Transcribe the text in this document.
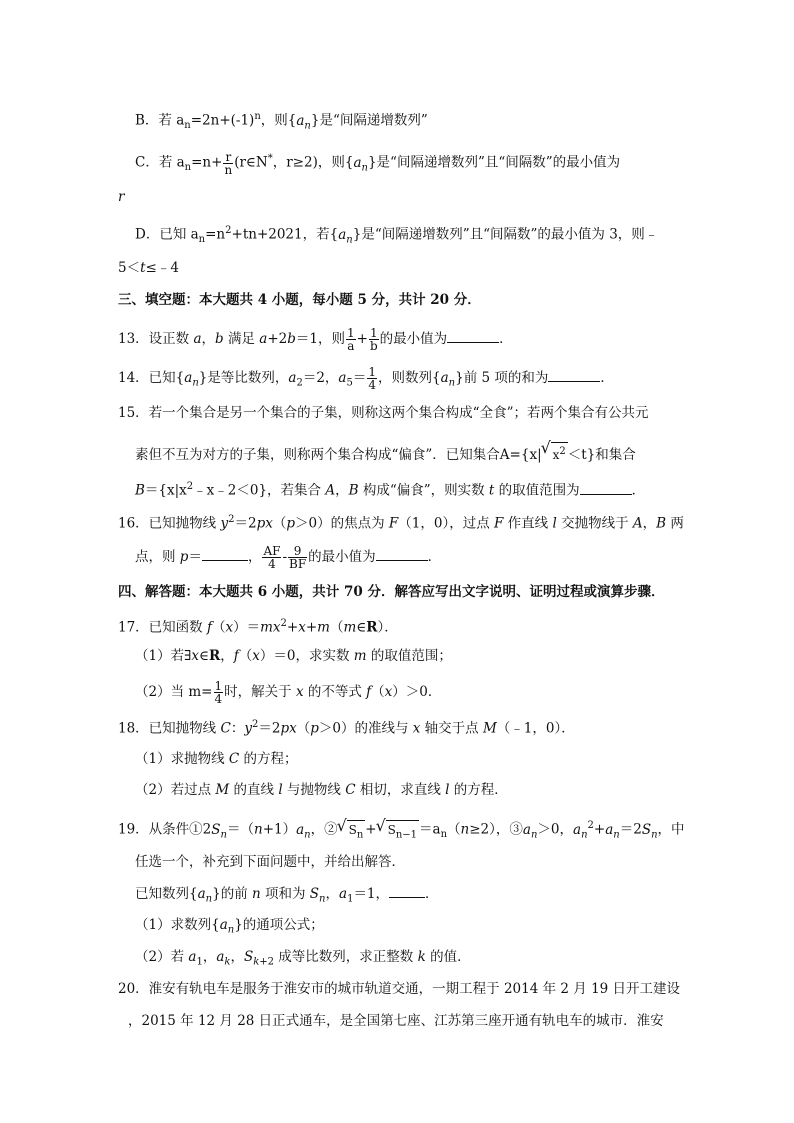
B．若 $a_n=2n+(-1)^n$，则$\{a_n\}$是“间隔递增数列”
C．若 $a_n=n+ \frac{r}{n}$ (r∈N*，r≥2)，则$\{a_n\}$是“间隔递增数列”且“间隔数”的最小值为
r
D．已知 $a_n=n^2+tn+2021$，若$\{a_n\}$是“间隔递增数列”且“间隔数”的最小值为 3，则﹣
5＜t≤﹣4
三、填空题：本大题共 4 小题，每小题 5 分，共计 20 分．
13．设正数 a，b 满足 a+2b＝1，则 $\frac{1}{a} + \frac{1}{b}$ 的最小值为	．
14．已知$\{a_n\}$是等比数列，$a_2=2$，$a_5= \frac{1}{4}$ ，则数列$\{a_n\}$前 5 项的和为	．
15．若一个集合是另一个集合的子集，则称这两个集合构成“全食”；若两个集合有公共元
素但不互为对方的子集，则称两个集合构成“偏食”．已知集合A={x| √ $x^2 <t$}和集合
$B=\{x|x^2﹣x﹣2<0\}$，若集合 A，B 构成“偏食”，则实数 t 的取值范围为	．
16．已知抛物线 $y^2=2px(p>0)$的焦点为 F（1，0），过点 F 作直线 l 交抛物线于 A，B 两
点，则 p＝	， $\frac{AF}{4} - \frac{9}{BF}$ 的最小值为	．
四、解答题：本大题共 6 小题，共计 70 分．解答应写出文字说明、证明过程或演算步骤．
17．已知函数 $f(x)=mx^2+x+m(m\in R)$．
（1）若∃x∈R，f（x）＝0，求实数 m 的取值范围；
（2）当 $m= \frac{1}{4}$ 时，解关于 x 的不等式 f（x）＞0．
18．已知抛物线 C：$y^2=2px(p>0)$的准线与 x 轴交于点 M（﹣1，0）．
（1）求抛物线 C 的方程；
（2）若过点 M 的直线 l 与抛物线 C 相切，求直线 l 的方程．
19．从条件$①2S_n=(n+1)a_n$，② √ $S_n$ + √ $S_{n-1} =a_n(n\ge 2)$，$③a_n>0$，$a_n^2+a_n=2S_n$，中
任选一个，补充到下面问题中，并给出解答．
已知数列$\{a_n\}$的前 n 项和为 $S_n$，$a_1=1$，	．
（1）求数列$\{a_n\}$的通项公式；
（2）若 $a_1$，$a_k$，$S_{k+2}$ 成等比数列，求正整数 k 的值．
20．淮安有轨电车是服务于淮安市的城市轨道交通，一期工程于 2014 年 2 月 19 日开工建设
，2015 年 12 月 28 日正式通车，是全国第七座、江苏第三座开通有轨电车的城市．淮安
